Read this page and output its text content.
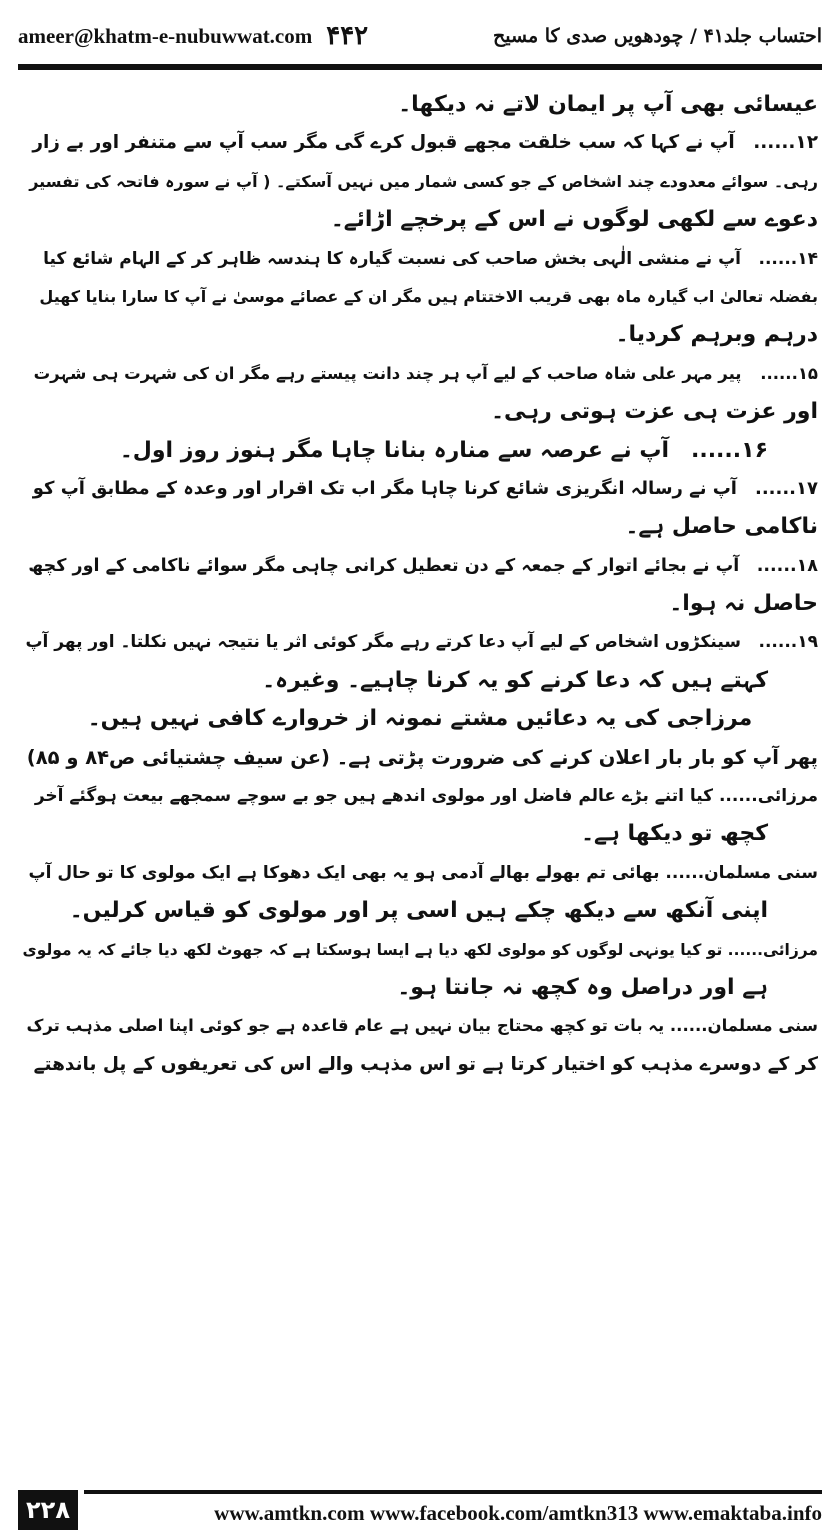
ameer@khatm-e-nubuwwat.com ۴۴۲	احتساب جلد۴۱ / چودھویں صدی کا مسیح
عیسائی بھی آپ پر ایمان لاتے نہ دیکھا۔
۱۲...... آپ نے کہا کہ سب خلقت مجھے قبول کرے گی مگر سب آپ سے متنفر اور بے زار
رہی۔ سوائے معدودے چند اشخاص کے جو کسی شمار میں نہیں آسکتے۔ ( آپ نے سورہ فاتحہ کی تفسیر
دعوے سے لکھی لوگوں نے اس کے پرخچے اڑائے۔
۱۴...... آپ نے منشی الٰہی بخش صاحب کی نسبت گیارہ کا ہندسہ ظاہر کر کے الہام شائع کیا
بفضلہ تعالیٰ اب گیارہ ماہ بھی قریب الاختتام ہیں مگر ان کے عصائے موسیٰ نے آپ کا سارا بنایا کھیل
درہم وبرہم کردیا۔
۱۵...... پیر مہر علی شاہ صاحب کے لیے آپ ہر چند دانت پیستے رہے مگر ان کی شہرت ہی شہرت
اور عزت ہی عزت ہوتی رہی۔
۱۶...... آپ نے عرصہ سے منارہ بنانا چاہا مگر ہنوز روز اول۔
۱۷...... آپ نے رسالہ انگریزی شائع کرنا چاہا مگر اب تک اقرار اور وعدہ کے مطابق آپ کو
ناکامی حاصل ہے۔
۱۸...... آپ نے بجائے اتوار کے جمعہ کے دن تعطیل کرانی چاہی مگر سوائے ناکامی کے اور کچھ
حاصل نہ ہوا۔
۱۹...... سینکڑوں اشخاص کے لیے آپ دعا کرتے رہے مگر کوئی اثر یا نتیجہ نہیں نکلتا۔ اور پھر آپ
کہتے ہیں کہ دعا کرنے کو یہ کرنا چاہیے۔ وغیرہ۔
مرزاجی کی یہ دعائیں مشتے نمونہ از خروارے کافی نہیں ہیں۔
پھر آپ کو بار بار اعلان کرنے کی ضرورت پڑتی ہے۔ (عن سیف چشتیائی ص۸۴ و ۸۵)
مرزائی...... کیا اتنے بڑے عالم فاضل اور مولوی اندھے ہیں جو بے سوچے سمجھے بیعت ہوگئے آخر
کچھ تو دیکھا ہے۔
سنی مسلمان...... بھائی تم بھولے بھالے آدمی ہو یہ بھی ایک دھوکا ہے ایک مولوی کا تو حال آپ
اپنی آنکھ سے دیکھ چکے ہیں اسی پر اور مولوی کو قیاس کرلیں۔
مرزائی...... تو کیا یونہی لوگوں کو مولوی لکھ دیا ہے ایسا ہوسکتا ہے کہ جھوٹ لکھ دیا جائے کہ یہ مولوی
ہے اور دراصل وہ کچھ نہ جانتا ہو۔
سنی مسلمان...... یہ بات تو کچھ محتاج بیان نہیں ہے عام قاعدہ ہے جو کوئی اپنا اصلی مذہب ترک
کر کے دوسرے مذہب کو اختیار کرتا ہے تو اس مذہب والے اس کی تعریفوں کے پل باندھتے
۲۲۸	www.amtkn.com www.facebook.com/amtkn313 www.emaktaba.info
